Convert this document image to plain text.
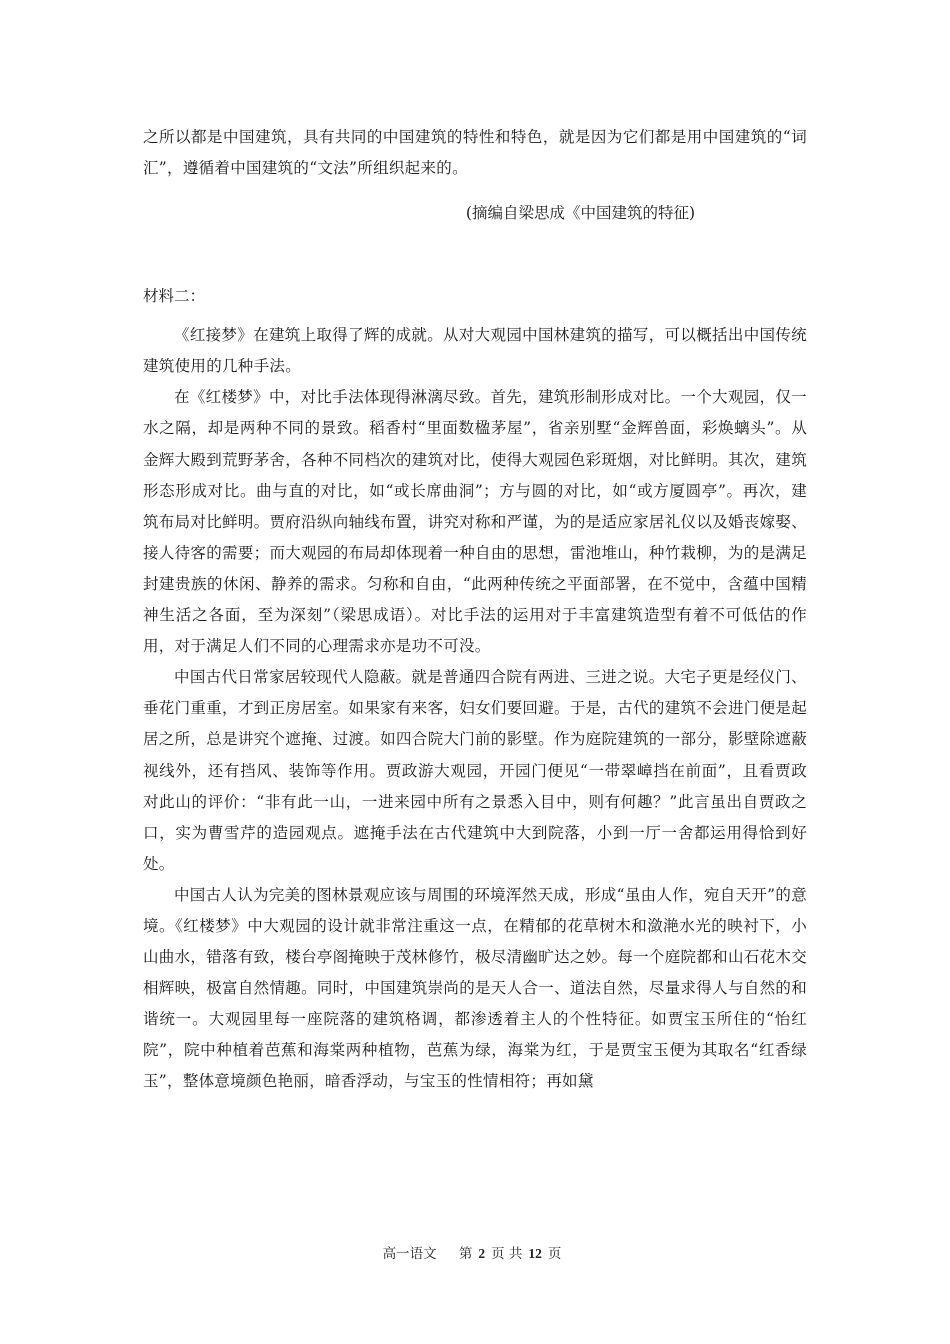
之所以都是中国建筑，具有共同的中国建筑的特性和特色，就是因为它们都是用中国建筑的“词汇”，遵循着中国建筑的“文法”所组织起来的。

(摘编自梁思成《中国建筑的特征)

材料二：

《红接梦》在建筑上取得了辉的成就。从对大观园中国林建筑的描写，可以概括出中国传统建筑使用的几种手法。

在《红楼梦》中，对比手法体现得淋漓尽致。首先，建筑形制形成对比。一个大观园，仅一水之隔，却是两种不同的景致。稻香村“里面数楹茅屋”，省亲别墅“金辉兽面，彩焕螭头”。从金辉大殿到荒野茅舍，各种不同档次的建筑对比，使得大观园色彩斑烟，对比鲜明。其次，建筑形态形成对比。曲与直的对比，如“或长席曲洞”；方与圆的对比，如“或方厦圆亭”。再次，建筑布局对比鲜明。贾府沿纵向轴线布置，讲究对称和严谨，为的是适应家居礼仪以及婚丧嫁娶、接人待客的需要；而大观园的布局却体现着一种自由的思想，雷池堆山，种竹栽柳，为的是满足封建贵族的休闲、静养的需求。匀称和自由，“此两种传统之平面部署，在不觉中，含蕴中国精神生活之各面，至为深刻”（梁思成语）。对比手法的运用对于丰富建筑造型有着不可低估的作用，对于满足人们不同的心理需求亦是功不可没。

中国古代日常家居较现代人隐蔽。就是普通四合院有两进、三进之说。大宅子更是经仪门、垂花门重重，才到正房居室。如果家有来客，妇女们要回避。于是，古代的建筑不会进门便是起居之所，总是讲究个遮掩、过渡。如四合院大门前的影壁。作为庭院建筑的一部分，影壁除遮蔽视线外，还有挡风、装饰等作用。贾政游大观园，开园门便见“一带翠嶂挡在前面”，且看贾政对此山的评价：“非有此一山，一进来园中所有之景悉入目中，则有何趣？”此言虽出自贾政之口，实为曹雪芹的造园观点。遮掩手法在古代建筑中大到院落，小到一厅一舍都运用得恰到好处。

中国古人认为完美的图林景观应该与周围的环境浑然天成，形成“虽由人作，宛自天开”的意境。《红楼梦》中大观园的设计就非常注重这一点，在精郁的花草树木和潋滟水光的映衬下，小山曲水，错落有致，楼台亭阁掩映于茂林修竹，极尽清幽旷达之妙。每一个庭院都和山石花木交相辉映，极富自然情趣。同时，中国建筑崇尚的是天人合一、道法自然，尽量求得人与自然的和谐统一。大观园里每一座院落的建筑格调，都渗透着主人的个性特征。如贾宝玉所住的“怡红院”，院中种植着芭蕉和海棠两种植物，芭蕉为绿，海棠为红，于是贾宝玉便为其取名“红香绿玉”，整体意境颜色艳丽，暗香浮动，与宝玉的性情相符；再如黛

高一语文 第 2 页 共 12 页
